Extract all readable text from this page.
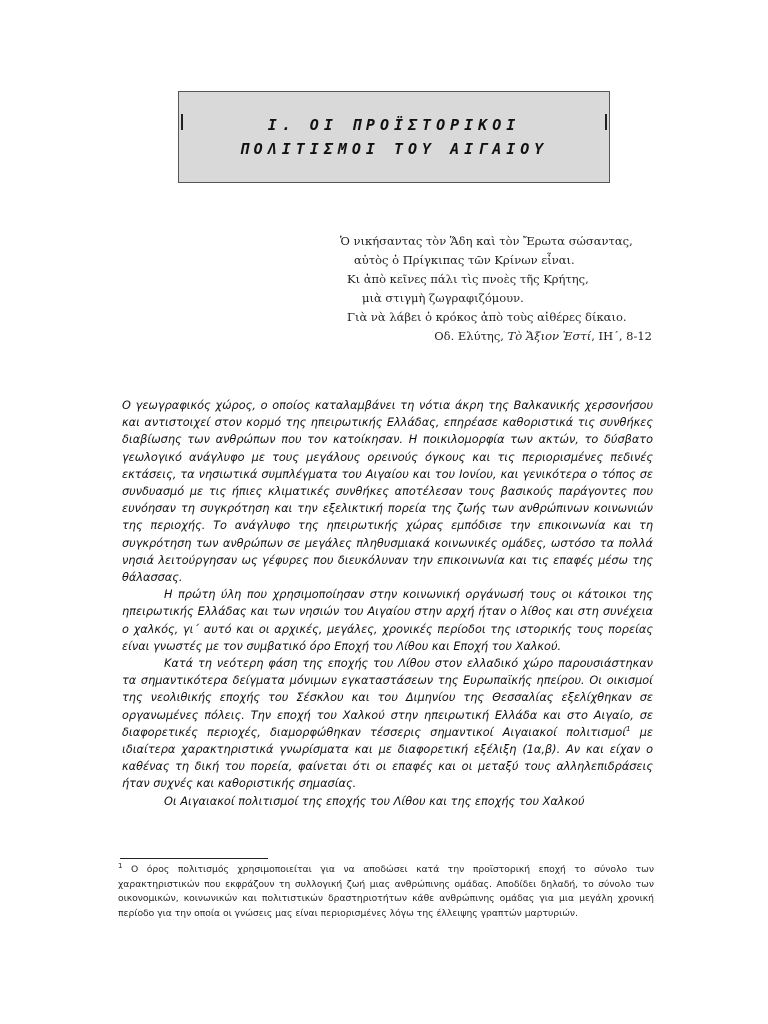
Ι. ΟΙ ΠΡΟΪΣΤΟΡΙΚΟΙ
ΠΟΛΙΤΙΣΜΟΙ ΤΟΥ ΑΙΓΑΙΟΥ
Ὁ νικήσαντας τὸν Ἅδη καὶ τὸν Ἔρωτα σώσαντας,
αὐτὸς ὁ Πρίγκιπας τῶν Κρίνων εἶναι.
Κι ἀπὸ κεῖνες πάλι τὶς πνοὲς τῆς Κρήτης,
μιὰ στιγμὴ ζωγραφιζόμουν.
Γιὰ νὰ λάβει ὁ κρόκος ἀπὸ τοὺς αἰθέρες δίκαιο.
Οδ. Ελύτης, Τὸ Ἄξιον Ἐστί, ΙΗ΄, 8-12

Ο γεωγραφικός χώρος, ο οποίος καταλαμβάνει τη νότια άκρη της Βαλκανικής χερσονήσου και αντιστοιχεί στον κορμό της ηπειρωτικής Ελλάδας, επηρέασε καθοριστικά τις συνθήκες διαβίωσης των ανθρώπων που τον κατοίκησαν. Η ποικιλομορφία των ακτών, το δύσβατο γεωλογικό ανάγλυφο με τους μεγάλους ορεινούς όγκους και τις περιορισμένες πεδινές εκτάσεις, τα νησιωτικά συμπλέγματα του Αιγαίου και του Ιονίου, και γενικότερα ο τόπος σε συνδυασμό με τις ήπιες κλιματικές συνθήκες αποτέλεσαν τους βασικούς παράγοντες που ευνόησαν τη συγκρότηση και την εξελικτική πορεία της ζωής των ανθρώπινων κοινωνιών της περιοχής. Το ανάγλυφο της ηπειρωτικής χώρας εμπόδισε την επικοινωνία και τη συγκρότηση των ανθρώπων σε μεγάλες πληθυσμιακά κοινωνικές ομάδες, ωστόσο τα πολλά νησιά λειτούργησαν ως γέφυρες που διευκόλυναν την επικοινωνία και τις επαφές μέσω της θάλασσας.

Η πρώτη ύλη που χρησιμοποίησαν στην κοινωνική οργάνωσή τους οι κάτοικοι της ηπειρωτικής Ελλάδας και των νησιών του Αιγαίου στην αρχή ήταν ο λίθος και στη συνέχεια ο χαλκός, γι΄ αυτό και οι αρχικές, μεγάλες, χρονικές περίοδοι της ιστορικής τους πορείας είναι γνωστές με τον συμβατικό όρο Εποχή του Λίθου και Εποχή του Χαλκού.

Κατά τη νεότερη φάση της εποχής του Λίθου στον ελλαδικό χώρο παρουσιάστηκαν τα σημαντικότερα δείγματα μόνιμων εγκαταστάσεων της Ευρωπαϊκής ηπείρου. Οι οικισμοί της νεολιθικής εποχής του Σέσκλου και του Διμηνίου της Θεσσαλίας εξελίχθηκαν σε οργανωμένες πόλεις. Την εποχή του Χαλκού στην ηπειρωτική Ελλάδα και στο Αιγαίο, σε διαφορετικές περιοχές, διαμορφώθηκαν τέσσερις σημαντικοί Αιγαιακοί πολιτισμοί$^1$ με ιδιαίτερα χαρακτηριστικά γνωρίσματα και με διαφορετική εξέλιξη (1α,β). Αν και είχαν ο καθένας τη δική του πορεία, φαίνεται ότι οι επαφές και οι μεταξύ τους αλληλεπιδράσεις ήταν συχνές και καθοριστικής σημασίας.

Οι Αιγαιακοί πολιτισμοί της εποχής του Λίθου και της εποχής του Χαλκού

$^1$ Ο όρος πολιτισμός χρησιμοποιείται για να αποδώσει κατά την προϊστορική εποχή το σύνολο των χαρακτηριστικών που εκφράζουν τη συλλογική ζωή μιας ανθρώπινης ομάδας. Αποδίδει δηλαδή, το σύνολο των οικονομικών, κοινωνικών και πολιτιστικών δραστηριοτήτων κάθε ανθρώπινης ομάδας για μια μεγάλη χρονική περίοδο για την οποία οι γνώσεις μας είναι περιορισμένες λόγω της έλλειψης γραπτών μαρτυριών.
